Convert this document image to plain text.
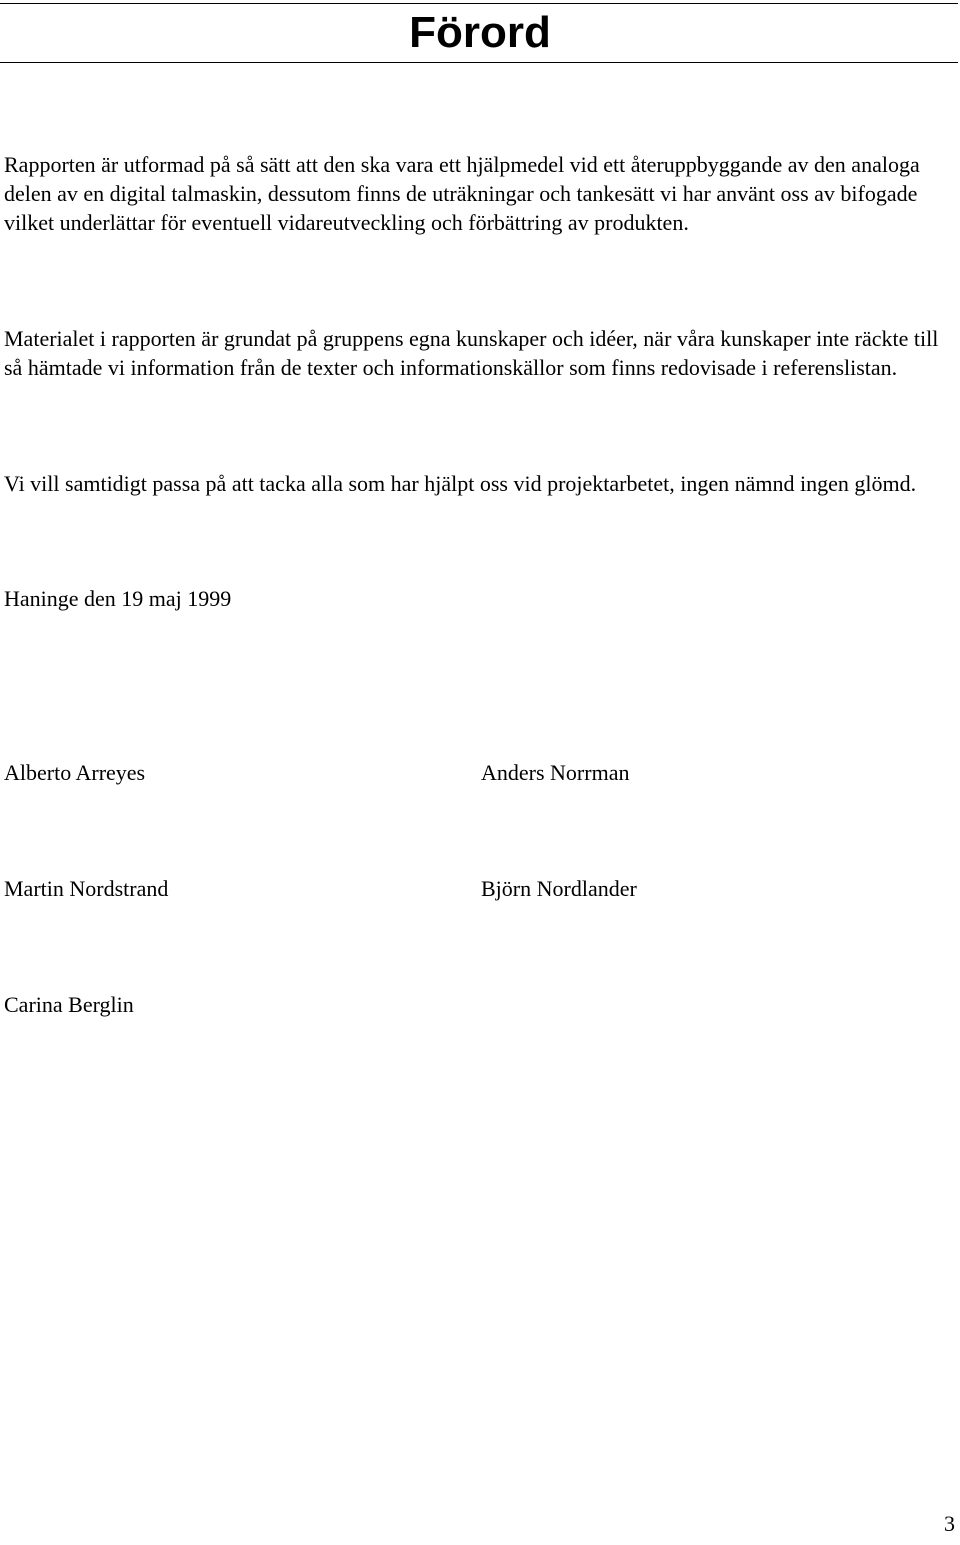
Förord

Rapporten är utformad på så sätt att den ska vara ett hjälpmedel vid ett återuppbyggande av den analoga delen av en digital talmaskin, dessutom finns de uträkningar och tankesätt vi har använt oss av bifogade vilket underlättar för eventuell vidareutveckling och förbättring av produkten.

Materialet i rapporten är grundat på gruppens egna kunskaper och idéer, när våra kunskaper inte räckte till så hämtade vi information från de texter och informationskällor som finns redovisade i referenslistan.

Vi vill samtidigt passa på att tacka alla som har hjälpt oss vid projektarbetet, ingen nämnd ingen glömd.

Haninge den 19 maj 1999

Alberto Arreyes	Anders Norrman

Martin Nordstrand	Björn Nordlander

Carina Berglin

3
